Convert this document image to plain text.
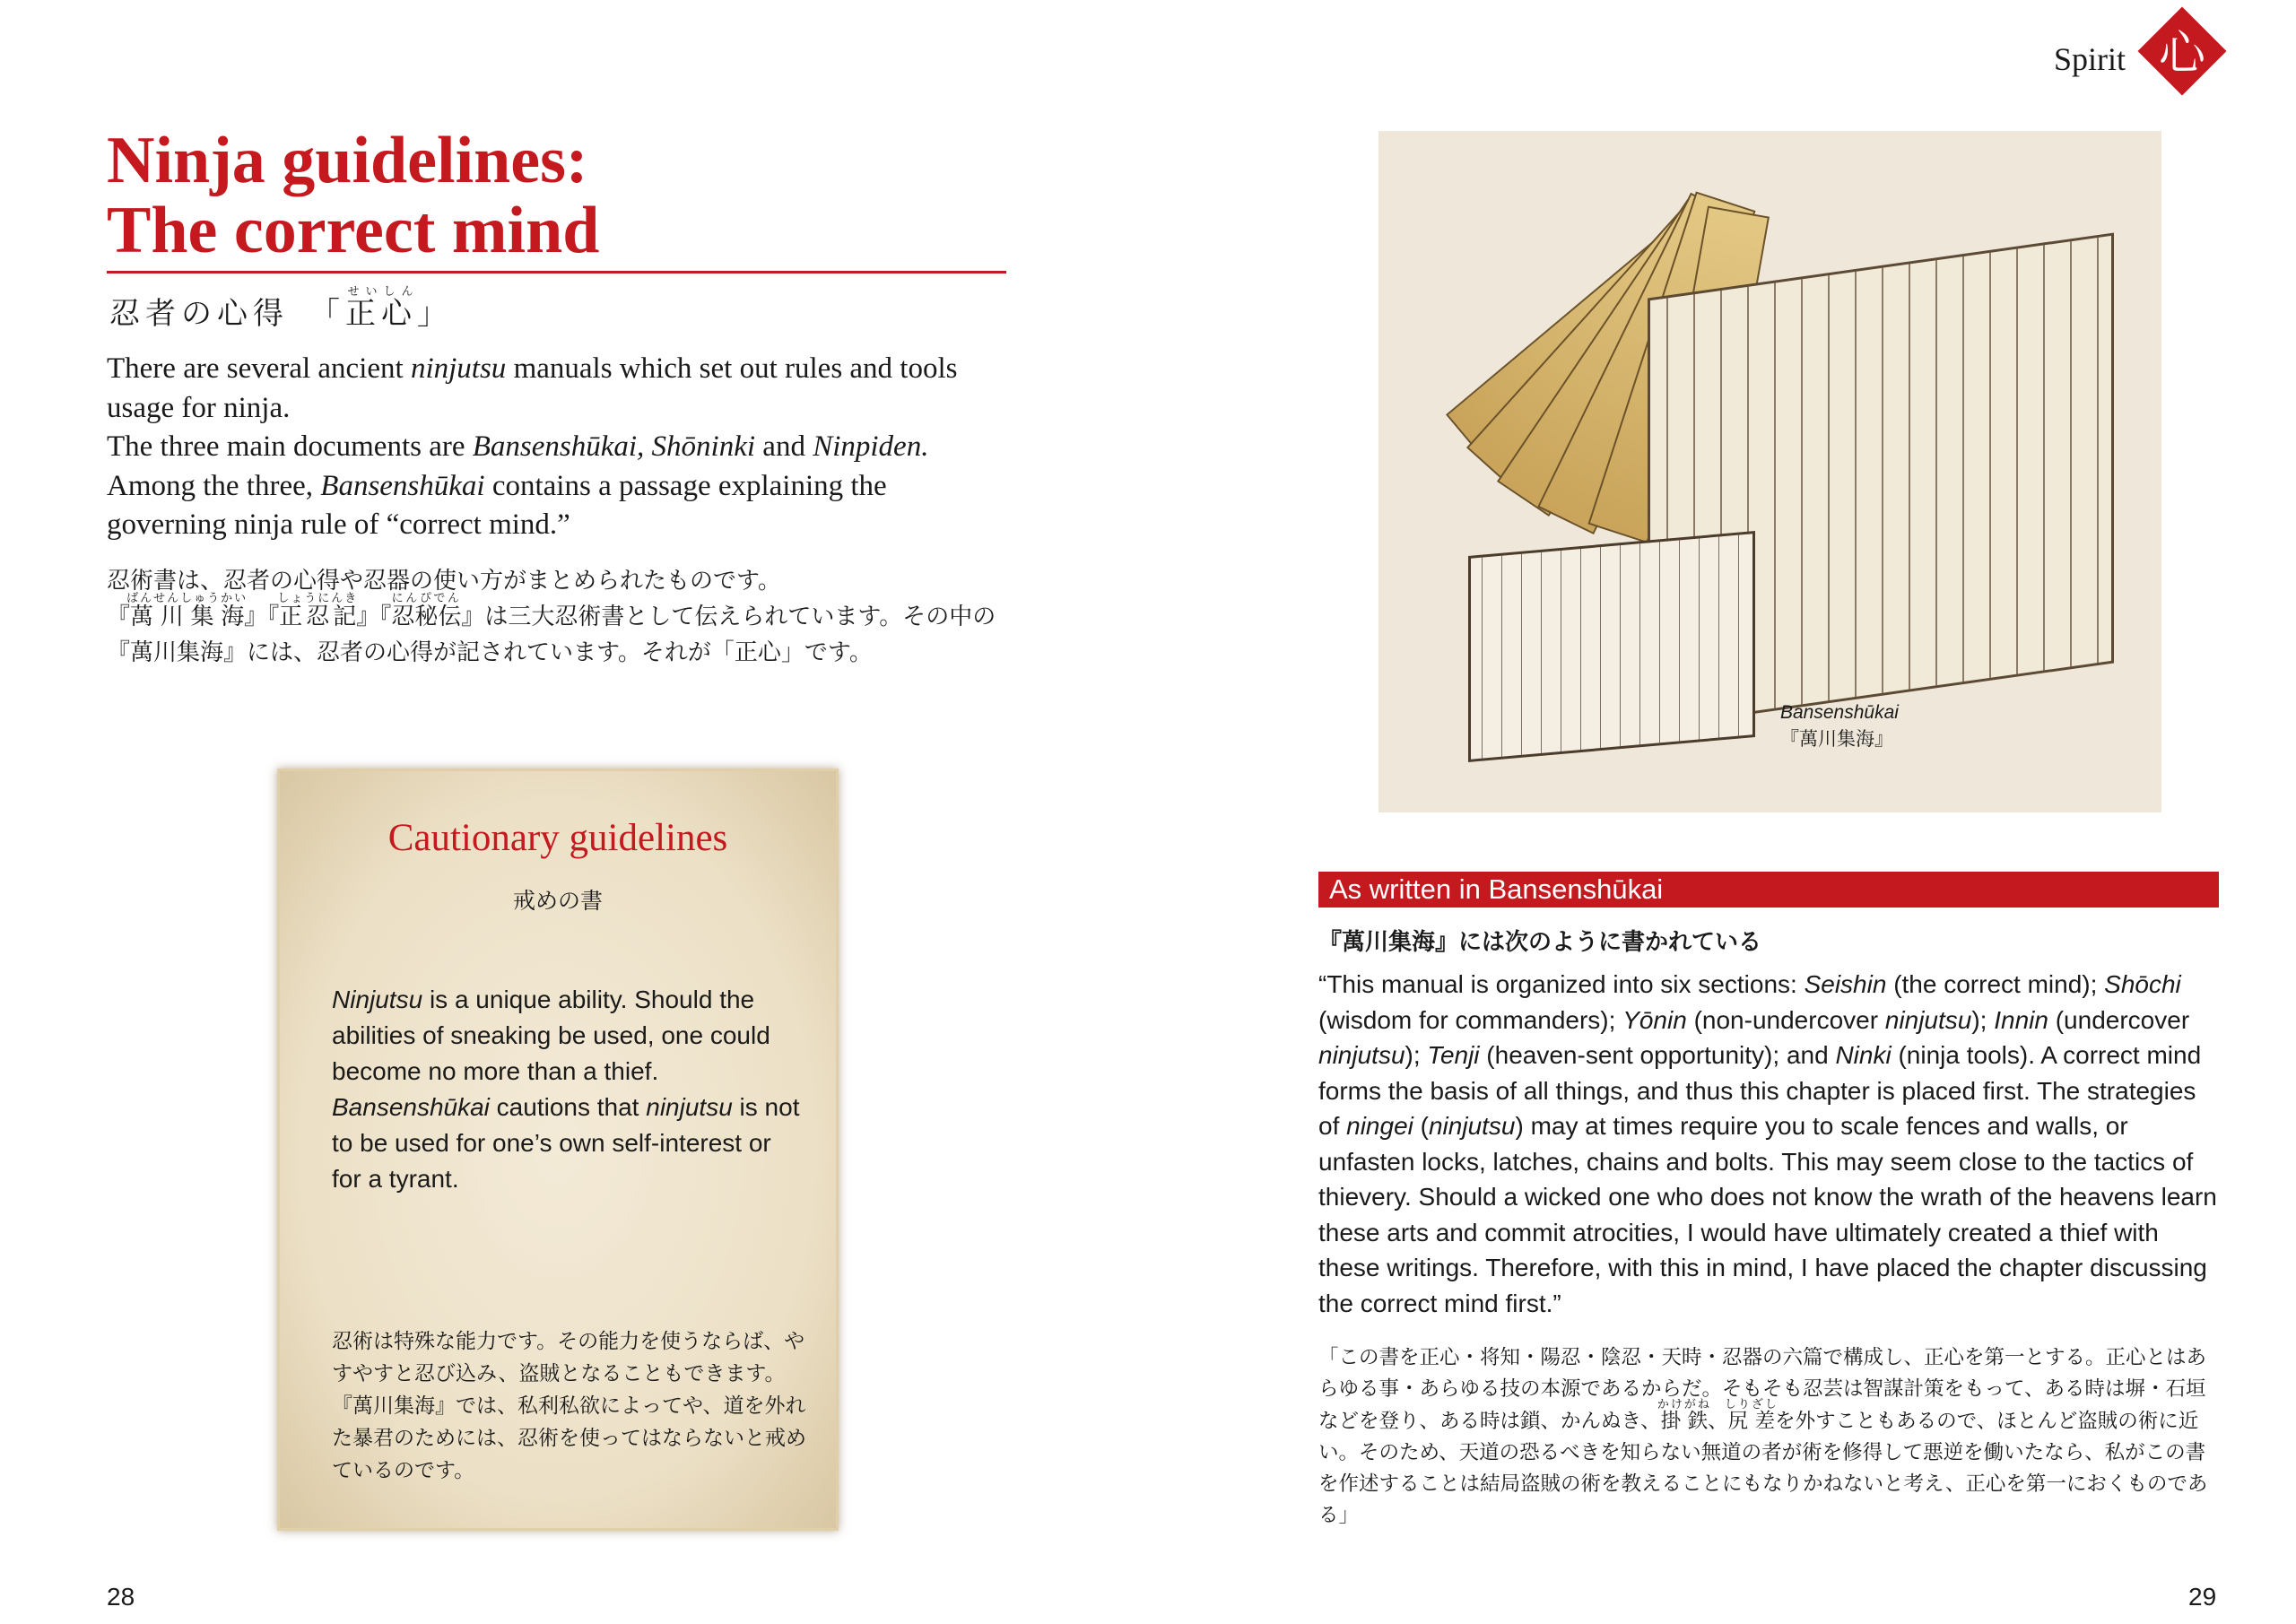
Spirit 心
Ninja guidelines:
The correct mind
忍者の心得　「正心せいしん」
There are several ancient ninjutsu manuals which set out rules and tools usage for ninja.
The three main documents are Bansenshūkai, Shōninki and Ninpiden.
Among the three, Bansenshūkai contains a passage explaining the governing ninja rule of “correct mind.”
忍術書は、忍者の心得や忍器の使い方がまとめられたものです。
『萬川集海ばんせんしゅうかい』『正忍記しょうにんき』『忍秘伝にんぴでん』は三大忍術書として伝えられています。その中の『萬川集海』には、忍者の心得が記されています。それが「正心」です。
Cautionary guidelines
戒めの書
Ninjutsu is a unique ability. Should the abilities of sneaking be used, one could become no more than a thief. Bansenshūkai cautions that ninjutsu is not to be used for one’s own self-interest or for a tyrant.
忍術は特殊な能力です。その能力を使うならば、やすやすと忍び込み、盗賊となることもできます。『萬川集海』では、私利私欲によってや、道を外れた暴君のためには、忍術を使ってはならないと戒めているのです。
28
Bansenshūkai
『萬川集海』
As written in Bansenshūkai
『萬川集海』には次のように書かれている
“This manual is organized into six sections: Seishin (the correct mind); Shōchi (wisdom for commanders); Yōnin (non-undercover ninjutsu); Innin (undercover ninjutsu); Tenji (heaven-sent opportunity); and Ninki (ninja tools). A correct mind forms the basis of all things, and thus this chapter is placed first. The strategies of ningei (ninjutsu) may at times require you to scale fences and walls, or unfasten locks, latches, chains and bolts. This may seem close to the tactics of thievery. Should a wicked one who does not know the wrath of the heavens learn these arts and commit atrocities, I would have ultimately created a thief with these writings. Therefore, with this in mind, I have placed the chapter discussing the correct mind first.”
「この書を正心・将知・陽忍・陰忍・天時・忍器の六篇で構成し、正心を第一とする。正心とはあらゆる事・あらゆる技の本源であるからだ。そもそも忍芸は智謀計策をもって、ある時は塀・石垣などを登り、ある時は鎖、かんぬき、掛鉄かけがね、尻差しりざしを外すこともあるので、ほとんど盗賊の術に近い。そのため、天道の恐るべきを知らない無道の者が術を修得して悪逆を働いたなら、私がこの書を作述することは結局盗賊の術を教えることにもなりかねないと考え、正心を第一におくものである」
29
